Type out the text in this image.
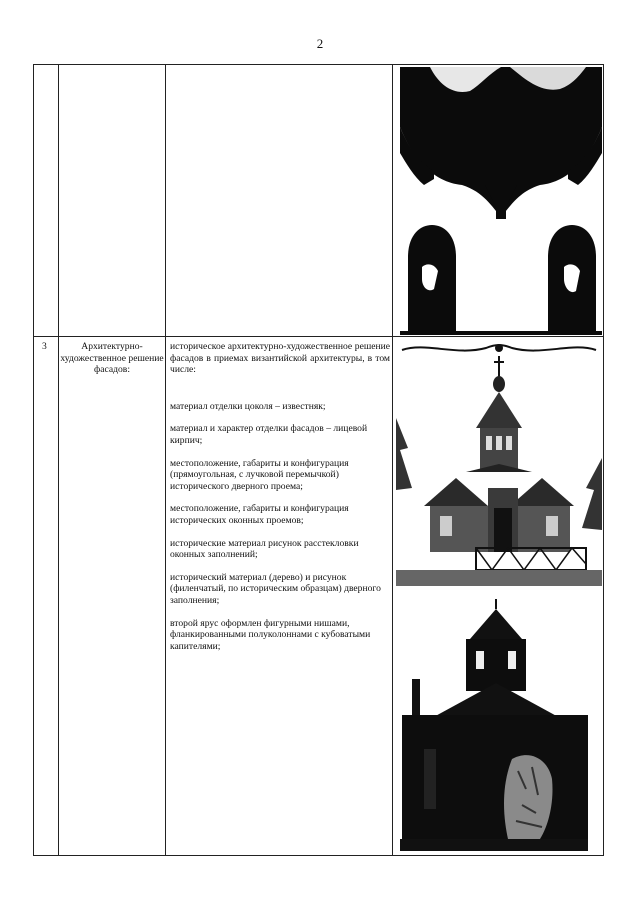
2
3	Архитектурно-художественное решение фасадов:

историческое архитектурно-художественное решение фасадов в приемах византийской архитектуры, в том числе:

материал отделки цоколя – известняк;

материал и характер отделки фасадов – лицевой кирпич;

местоположение, габариты и конфигурация (прямоугольная, с лучковой перемычкой) исторического дверного проема;

местоположение, габариты и конфигурация исторических оконных проемов;

исторические материал рисунок расстекловки оконных заполнений;

исторический материал (дерево) и рисунок (филенчатый, по историческим образцам) дверного заполнения;

второй ярус оформлен фигурными нишами, фланкированными полуколоннами с кубоватыми капителями;
